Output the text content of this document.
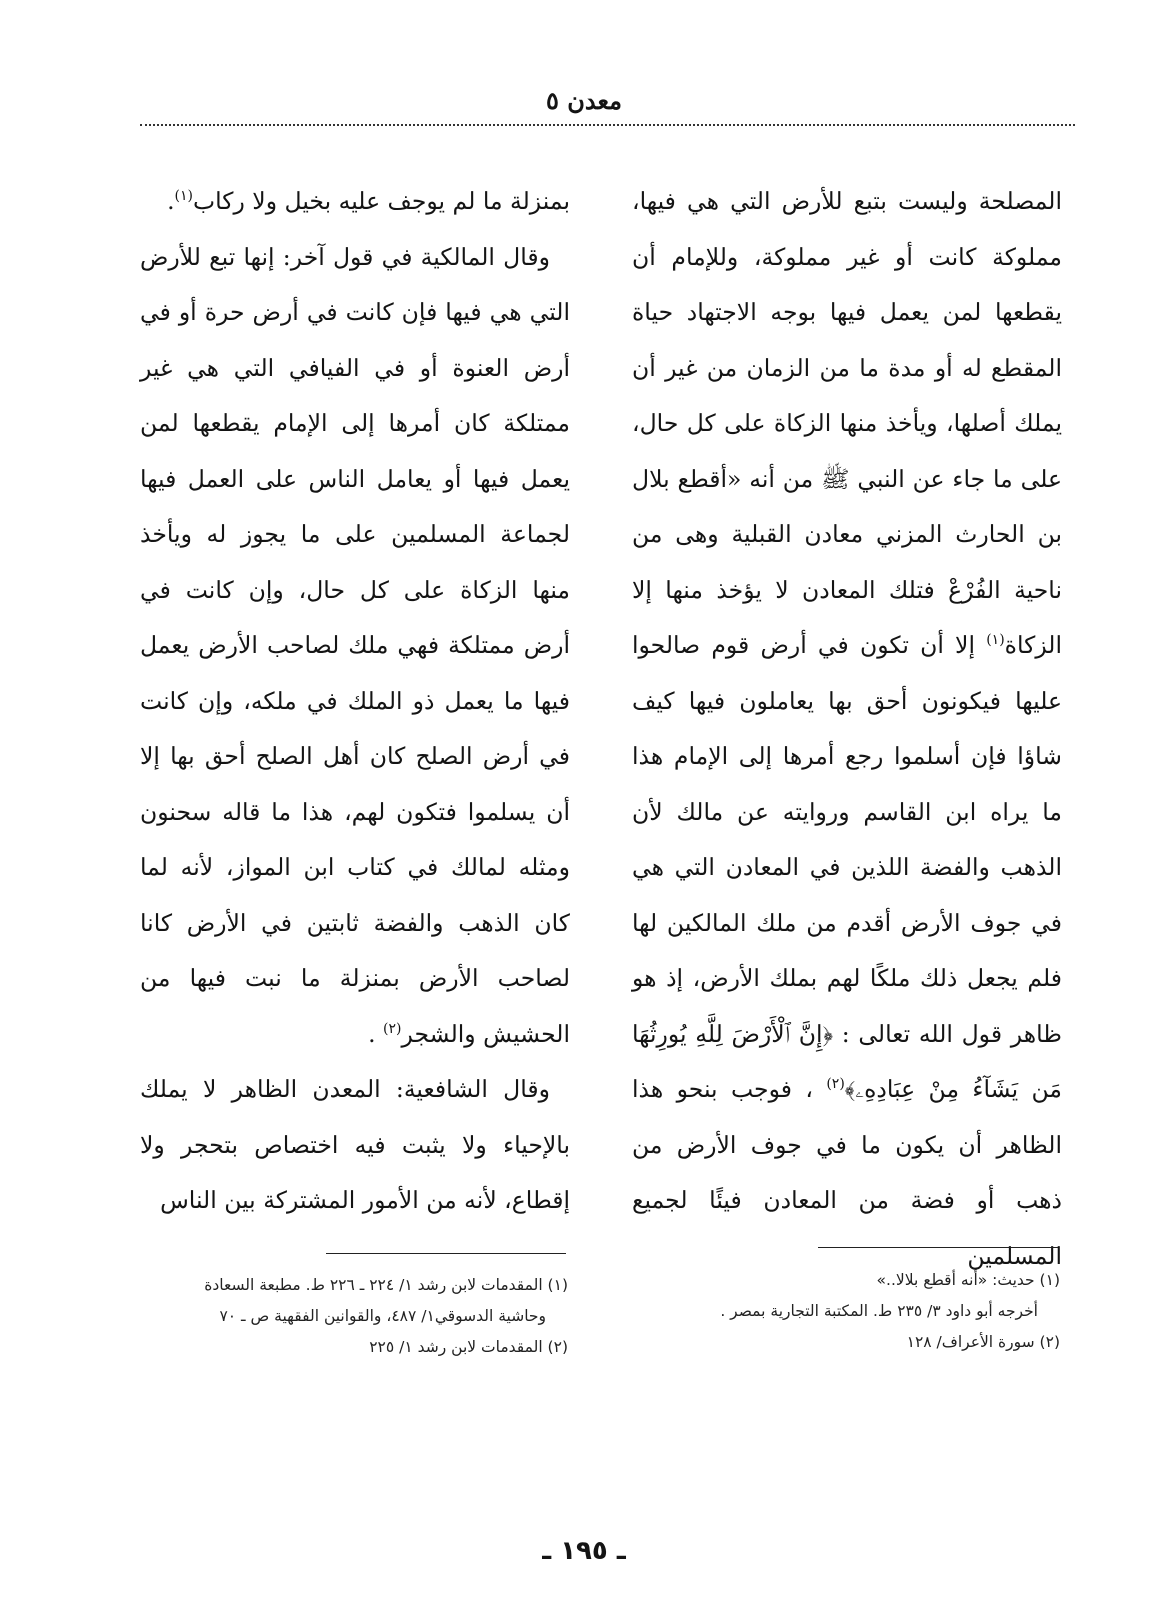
معدن ٥

المصلحة وليست بتبع للأرض التي هي فيها، مملوكة كانت أو غير مملوكة، وللإمام أن يقطعها لمن يعمل فيها بوجه الاجتهاد حياة المقطع له أو مدة ما من الزمان من غير أن يملك أصلها، ويأخذ منها الزكاة على كل حال، على ما جاء عن النبي ﷺ من أنه «أقطع بلال بن الحارث المزني معادن القبلية وهى من ناحية الفُرْعْ فتلك المعادن لا يؤخذ منها إلا الزكاة$^{(١)}$ إلا أن تكون في أرض قوم صالحوا عليها فيكونون أحق بها يعاملون فيها كيف شاؤا فإن أسلموا رجع أمرها إلى الإمام هذا ما يراه ابن القاسم وروايته عن مالك لأن الذهب والفضة اللذين في المعادن التي هي في جوف الأرض أقدم من ملك المالكين لها فلم يجعل ذلك ملكًا لهم بملك الأرض، إذ هو ظاهر قول الله تعالى : ﴿إِنَّ ٱلْأَرْضَ لِلَّهِ يُورِثُهَا مَن يَشَآءُ مِنْ عِبَادِهِۦ﴾$^{(٢)}$ ، فوجب بنحو هذا الظاهر أن يكون ما في جوف الأرض من ذهب أو فضة من المعادن فيئًا لجميع المسلمين

بمنزلة ما لم يوجف عليه بخيل ولا ركاب$^{(١)}$.

وقال المالكية في قول آخر: إنها تبع للأرض التي هي فيها فإن كانت في أرض حرة أو في أرض العنوة أو في الفيافي التي هي غير ممتلكة كان أمرها إلى الإمام يقطعها لمن يعمل فيها أو يعامل الناس على العمل فيها لجماعة المسلمين على ما يجوز له ويأخذ منها الزكاة على كل حال، وإن كانت في أرض ممتلكة فهي ملك لصاحب الأرض يعمل فيها ما يعمل ذو الملك في ملكه، وإن كانت في أرض الصلح كان أهل الصلح أحق بها إلا أن يسلموا فتكون لهم، هذا ما قاله سحنون ومثله لمالك في كتاب ابن المواز، لأنه لما كان الذهب والفضة ثابتين في الأرض كانا لصاحب الأرض بمنزلة ما نبت فيها من الحشيش والشجر$^{(٢)}$ .

وقال الشافعية: المعدن الظاهر لا يملك بالإحياء ولا يثبت فيه اختصاص بتحجر ولا إقطاع، لأنه من الأمور المشتركة بين الناس

(١) حديث: «أنه أقطع بلالا..»
أخرجه أبو داود ٣/ ٢٣٥ ط. المكتبة التجارية بمصر .
(٢) سورة الأعراف/ ١٢٨
(١) المقدمات لابن رشد ١/ ٢٢٤ ـ ٢٢٦ ط. مطبعة السعادة
وحاشية الدسوقي١/ ٤٨٧، والقوانين الفقهية ص ـ ٧٠
(٢) المقدمات لابن رشد ١/ ٢٢٥
ـ ١٩٥ ـ
